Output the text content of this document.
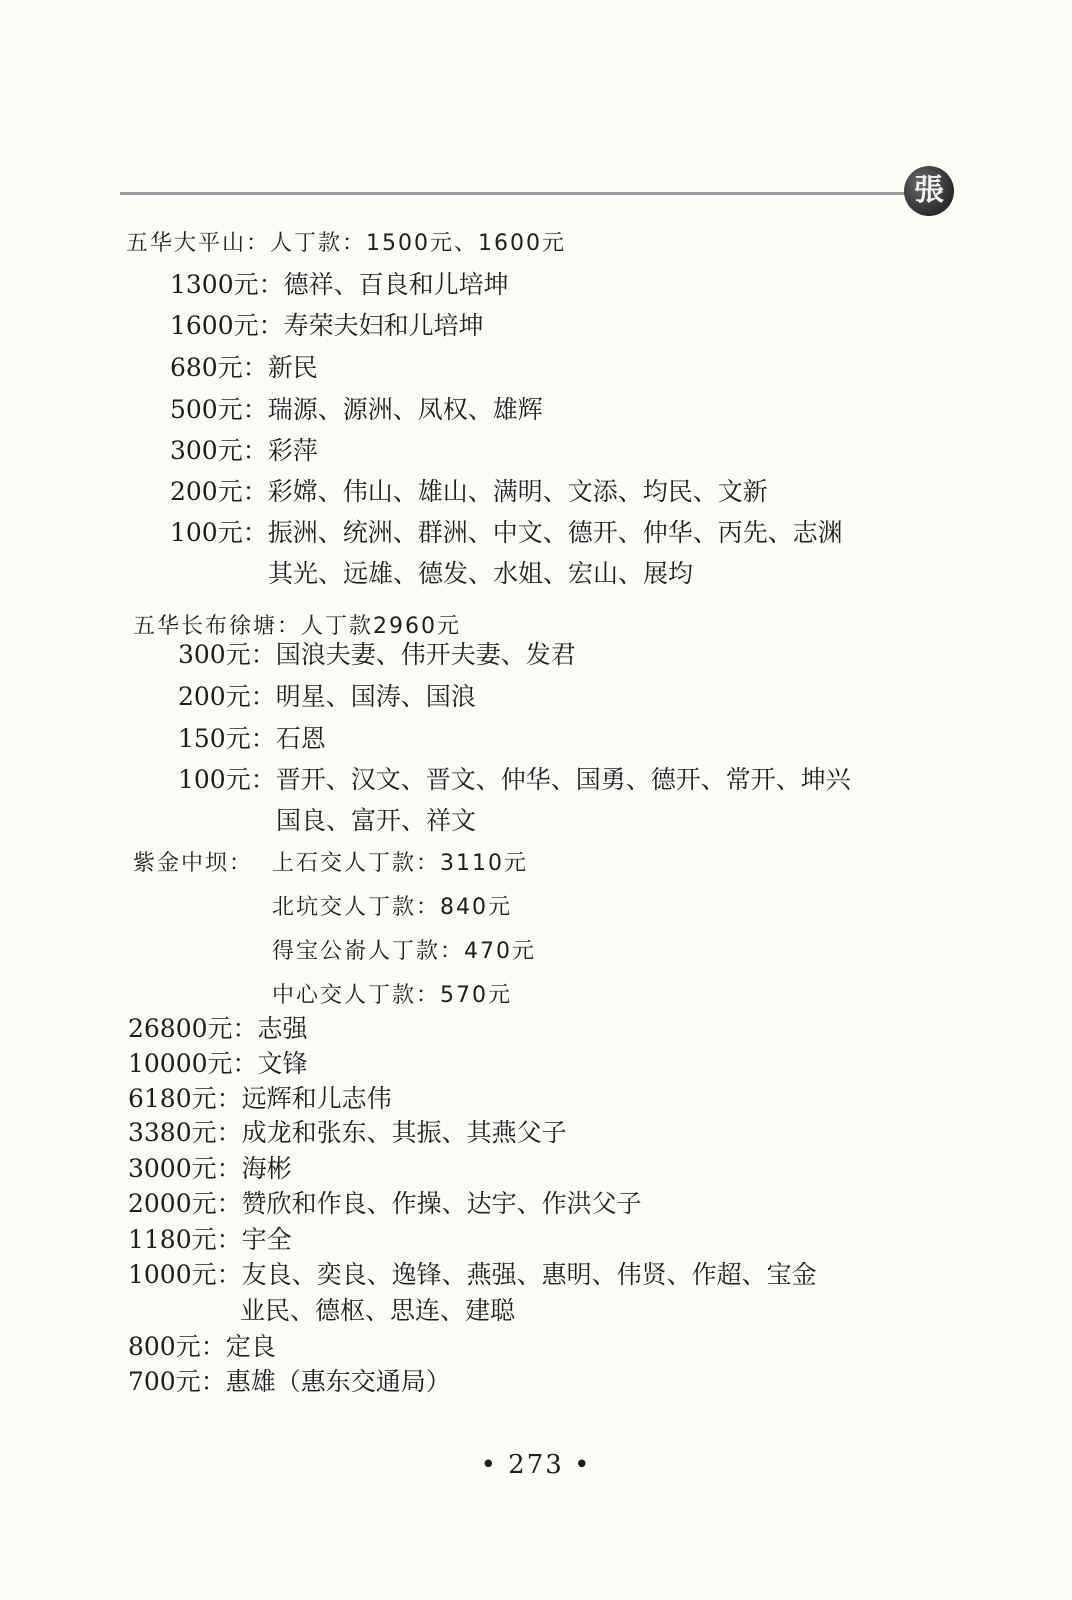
張
五华大平山：人丁款：1500元、1600元
1300元：德祥、百良和儿培坤
1600元：寿荣夫妇和儿培坤
680元：新民
500元：瑞源、源洲、凤权、雄辉
300元：彩萍
200元：彩嫦、伟山、雄山、满明、文添、均民、文新
100元：振洲、统洲、群洲、中文、德开、仲华、丙先、志渊
其光、远雄、德发、水姐、宏山、展均
五华长布徐塘：人丁款2960元
300元：国浪夫妻、伟开夫妻、发君
200元：明星、国涛、国浪
150元：石恩
100元：晋开、汉文、晋文、仲华、国勇、德开、常开、坤兴
国良、富开、祥文
紫金中坝： 上石交人丁款：3110元
北坑交人丁款：840元
得宝公嵛人丁款：470元
中心交人丁款：570元
26800元：志强
10000元：文锋
6180元：远辉和儿志伟
3380元：成龙和张东、其振、其燕父子
3000元：海彬
2000元：赞欣和作良、作操、达宇、作洪父子
1180元：宇全
1000元：友良、奕良、逸锋、燕强、惠明、伟贤、作超、宝金
业民、德枢、思连、建聪
800元：定良
700元：惠雄（惠东交通局）
• 273 •
